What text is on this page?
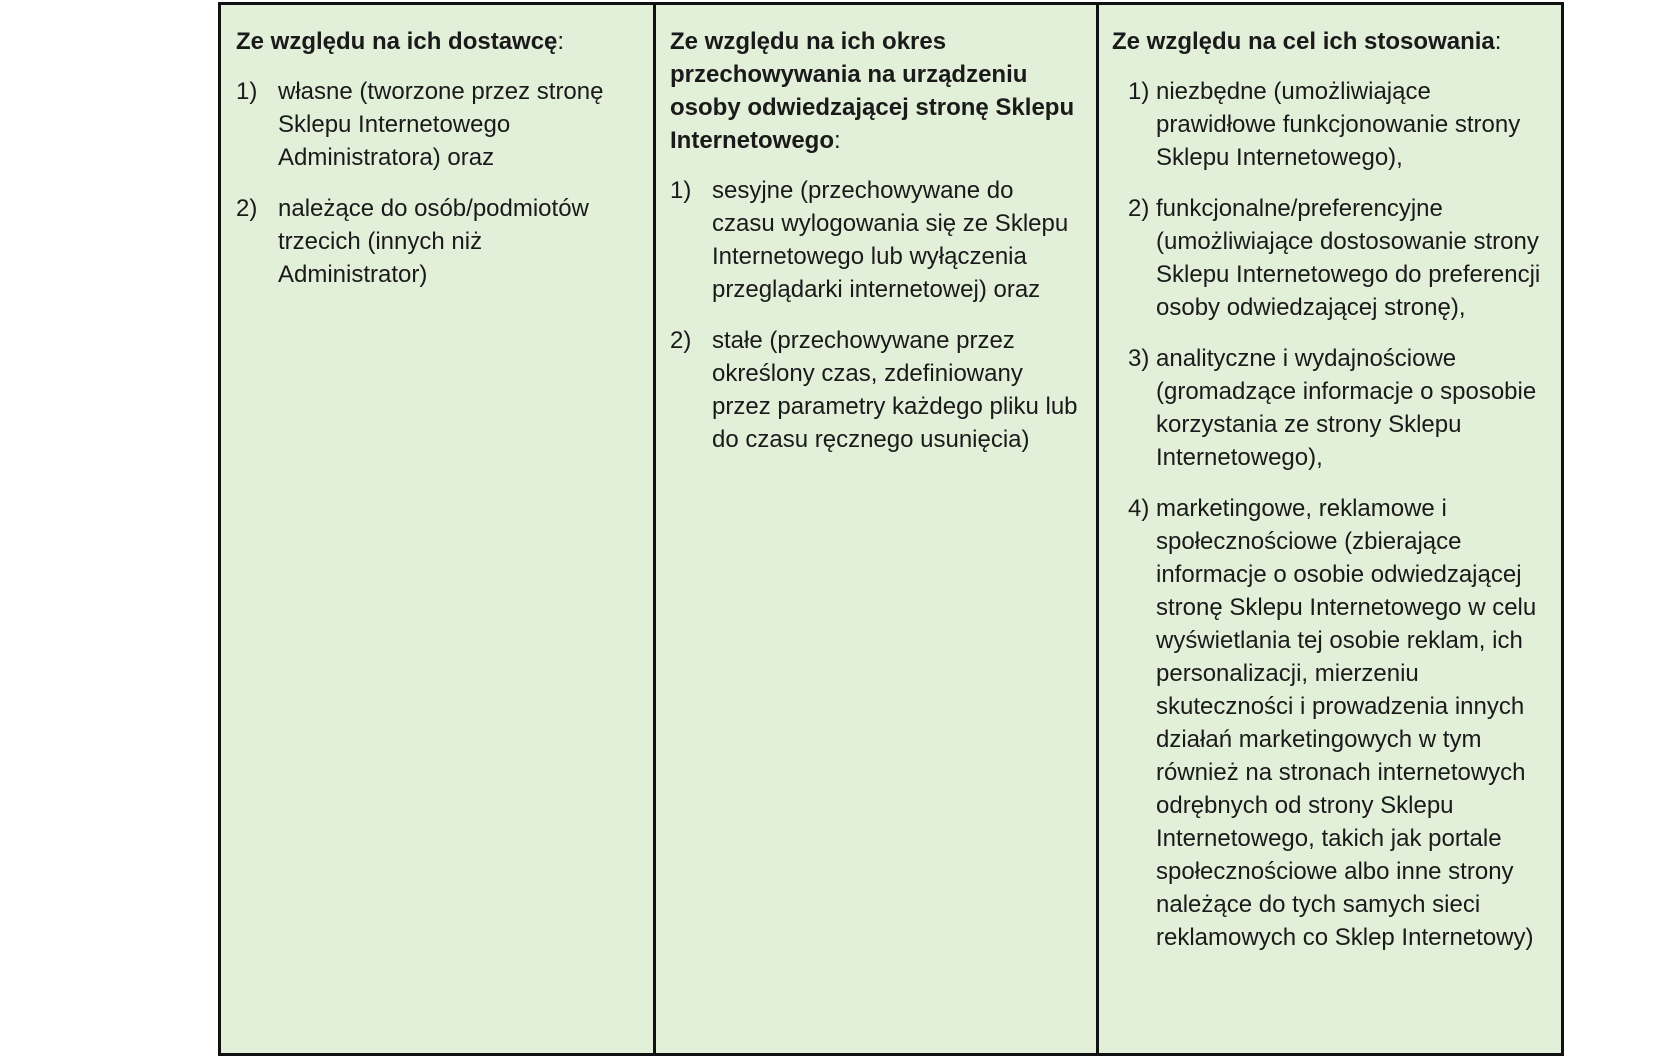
Ze względu na ich dostawcę:

1) własne (tworzone przez stronę Sklepu Internetowego Administratora) oraz
2) należące do osób/podmiotów trzecich (innych niż Administrator)

Ze względu na ich okres przechowywania na urządzeniu osoby odwiedzającej stronę Sklepu Internetowego:

1) sesyjne (przechowywane do czasu wylogowania się ze Sklepu Internetowego lub wyłączenia przeglądarki internetowej) oraz
2) stałe (przechowywane przez określony czas, zdefiniowany przez parametry każdego pliku lub do czasu ręcznego usunięcia)

Ze względu na cel ich stosowania:

1) niezbędne (umożliwiające prawidłowe funkcjonowanie strony Sklepu Internetowego),
2) funkcjonalne/preferencyjne (umożliwiające dostosowanie strony Sklepu Internetowego do preferencji osoby odwiedzającej stronę),
3) analityczne i wydajnościowe (gromadzące informacje o sposobie korzystania ze strony Sklepu Internetowego),
4) marketingowe, reklamowe i społecznościowe (zbierające informacje o osobie odwiedzającej stronę Sklepu Internetowego w celu wyświetlania tej osobie reklam, ich personalizacji, mierzeniu skuteczności i prowadzenia innych działań marketingowych w tym również na stronach internetowych odrębnych od strony Sklepu Internetowego, takich jak portale społecznościowe albo inne strony należące do tych samych sieci reklamowych co Sklep Internetowy)
